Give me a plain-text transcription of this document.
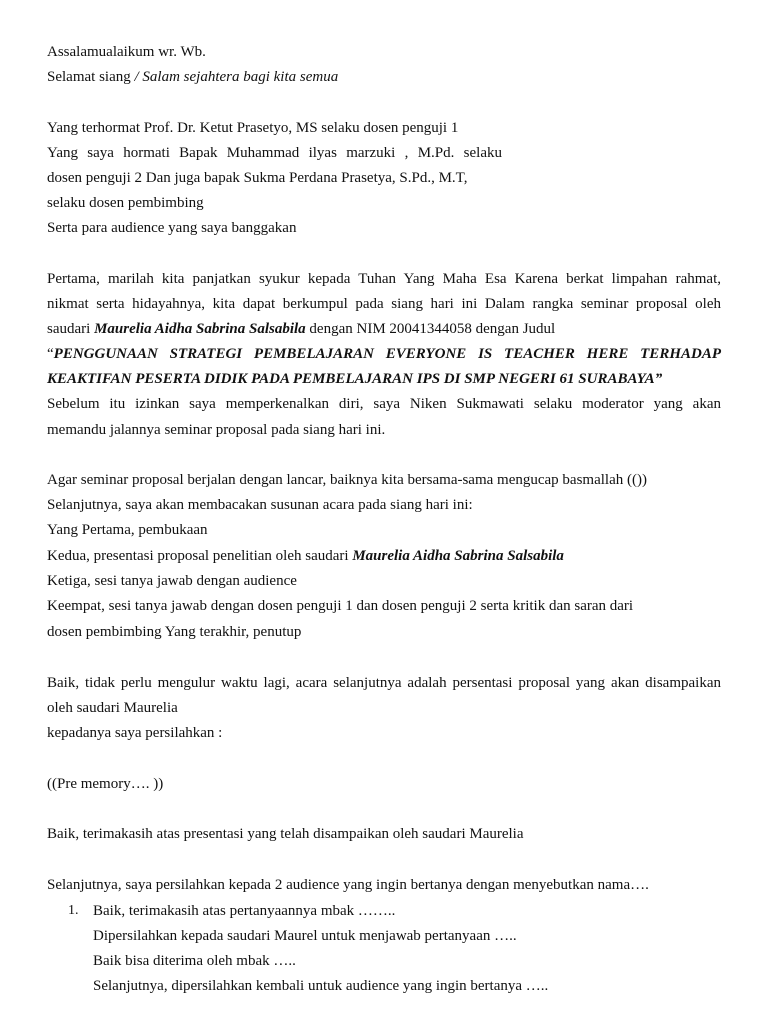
Assalamualaikum wr. Wb.
Selamat siang / Salam sejahtera bagi kita semua
Yang terhormat Prof. Dr. Ketut Prasetyo, MS selaku dosen penguji 1
Yang saya hormati Bapak Muhammad ilyas marzuki , M.Pd. selaku
dosen penguji 2 Dan juga bapak Sukma Perdana Prasetya, S.Pd., M.T,
selaku dosen pembimbing
Serta para audience yang saya banggakan
Pertama, marilah kita panjatkan syukur kepada Tuhan Yang Maha Esa Karena berkat limpahan rahmat,
nikmat serta hidayahnya, kita dapat berkumpul pada siang hari ini Dalam rangka seminar proposal oleh
saudari Maurelia Aidha Sabrina Salsabila dengan NIM 20041344058 dengan Judul
“PENGGUNAAN STRATEGI PEMBELAJARAN EVERYONE IS TEACHER HERE TERHADAP
KEAKTIFAN PESERTA DIDIK PADA PEMBELAJARAN IPS DI SMP NEGERI 61 SURABAYA”
Sebelum itu izinkan saya memperkenalkan diri, saya Niken Sukmawati selaku moderator yang akan
memandu jalannya seminar proposal pada siang hari ini.
Agar seminar proposal berjalan dengan lancar, baiknya kita bersama-sama mengucap basmallah (())
Selanjutnya, saya akan membacakan susunan acara pada siang hari ini:
Yang Pertama, pembukaan
Kedua, presentasi proposal penelitian oleh saudari Maurelia Aidha Sabrina Salsabila
Ketiga, sesi tanya jawab dengan audience
Keempat, sesi tanya jawab dengan dosen penguji 1 dan dosen penguji 2 serta kritik dan saran dari
dosen pembimbing Yang terakhir, penutup
Baik, tidak perlu mengulur waktu lagi, acara selanjutnya adalah persentasi proposal yang akan disampaikan
oleh saudari Maurelia
kepadanya saya persilahkan :
((Pre memory…. ))
Baik, terimakasih atas presentasi yang telah disampaikan oleh saudari Maurelia
Selanjutnya, saya persilahkan kepada 2 audience yang ingin bertanya dengan menyebutkan nama….
1. Baik, terimakasih atas pertanyaannya mbak ……..
Dipersilahkan kepada saudari Maurel untuk menjawab pertanyaan …..
Baik bisa diterima oleh mbak …..
Selanjutnya, dipersilahkan kembali untuk audience yang ingin bertanya …..
